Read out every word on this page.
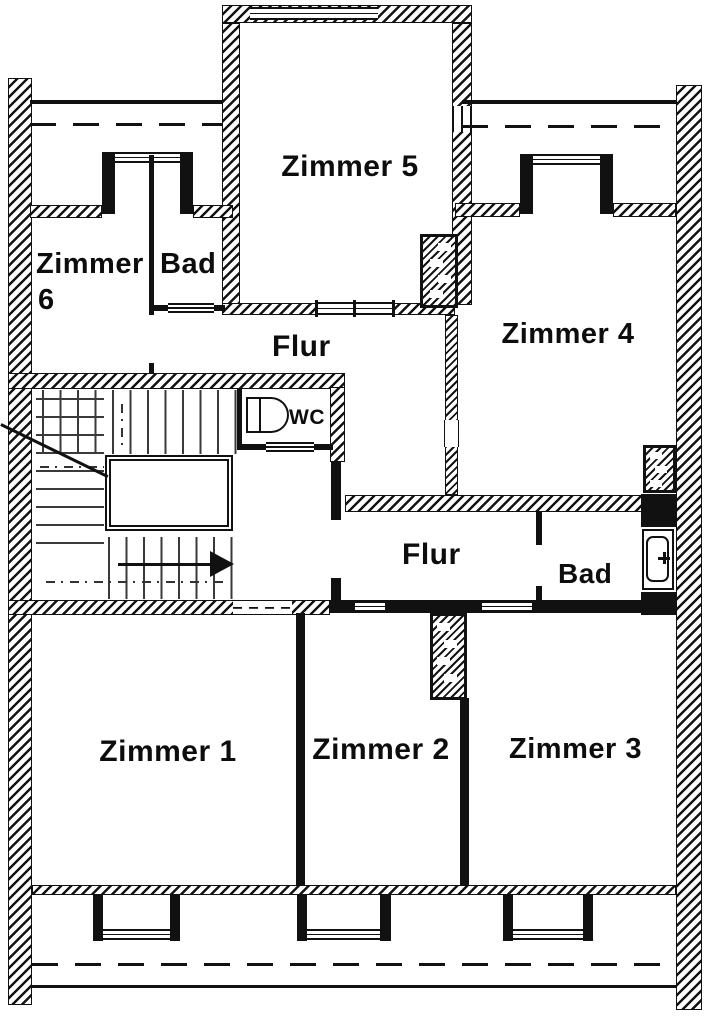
Zimmer 5
Zimmer
6
Bad
Flur	Zimmer 4
WC
Flur
Bad
Zimmer 1	Zimmer 2 Zimmer 3
